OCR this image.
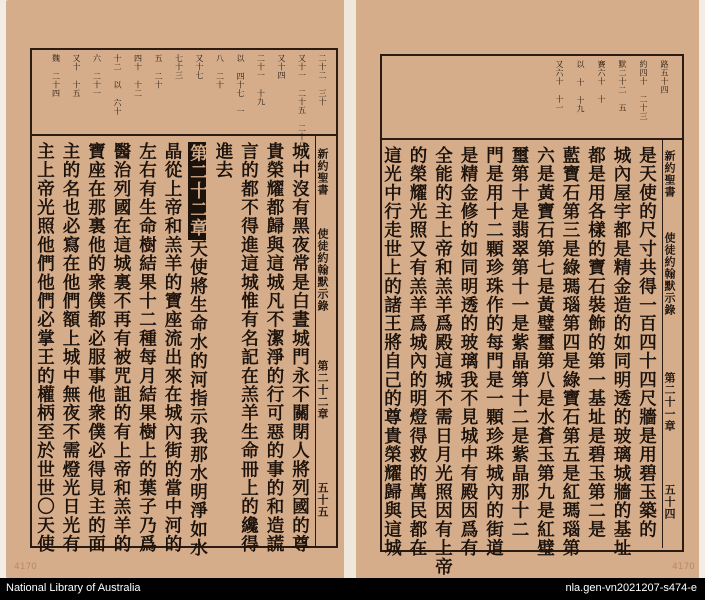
二十二 三十
又十一 二十五 二十八
又十四
二十一 十九
以 四十七 一
八 二十
又十七
七十三
五 二十
四十 十二
十二 以 六十
六 二十一
又十 十五
魏 二十四
城中沒有黑夜常是白晝城門永不關閉人將列國的尊
貴榮耀都歸與這城凡不潔淨的行可惡的事的和造謊
言的都不得進這城惟有名記在羔羊生命冊上的纔得
進去
第二十二章天使將生命水的河指示我那水明淨如水
晶從上帝和羔羊的寶座流出來在城內街的當中河的
左右有生命樹結果十二種每月結果樹上的葉子乃爲
醫治列國在這城裏不再有被咒詛的有上帝和羔羊的
寶座在那裏他的衆僕都必服事他衆僕必得見主的面
主的名也必寫在他們額上城中無夜不需燈光日光有
主上帝光照他們他們必掌王的權柄至於世世〇天使	新約聖書
使徒約翰默示錄
第二十二章
五十五
4170
路五十四
約四十 二十三
默二十二 五
賽六十 十
以 十 十九
又六十 十一
是天使的尺寸共得一百四十四尺牆是用碧玉築的
城內屋宇都是精金造的如同明透的玻璃城牆的基址
都是用各樣的寶石裝飾的第一基址是碧玉第二是
藍寶石第三是綠瑪瑙第四是綠寶石第五是紅瑪瑙第
六是黃寶石第七是黃璧璽第八是水蒼玉第九是紅璧
璽第十是翡翠第十一是紫晶第十二是紫晶那十二
門是用十二顆珍珠作的每門是一顆珍珠城內的街道
是精金修的如同明透的玻璃我不見城中有殿因爲有
全能的主上帝和羔羊爲殿這城不需日月光照因有上帝
的榮耀光照又有羔羊爲城內的明燈得救的萬民都在
這光中行走世上的諸王將自己的尊貴榮耀歸與這城	新約聖書
使徒約翰默示錄
第二十一章
五十四
4170
National Library of Australia	nla.gen-vn2021207-s474-e
